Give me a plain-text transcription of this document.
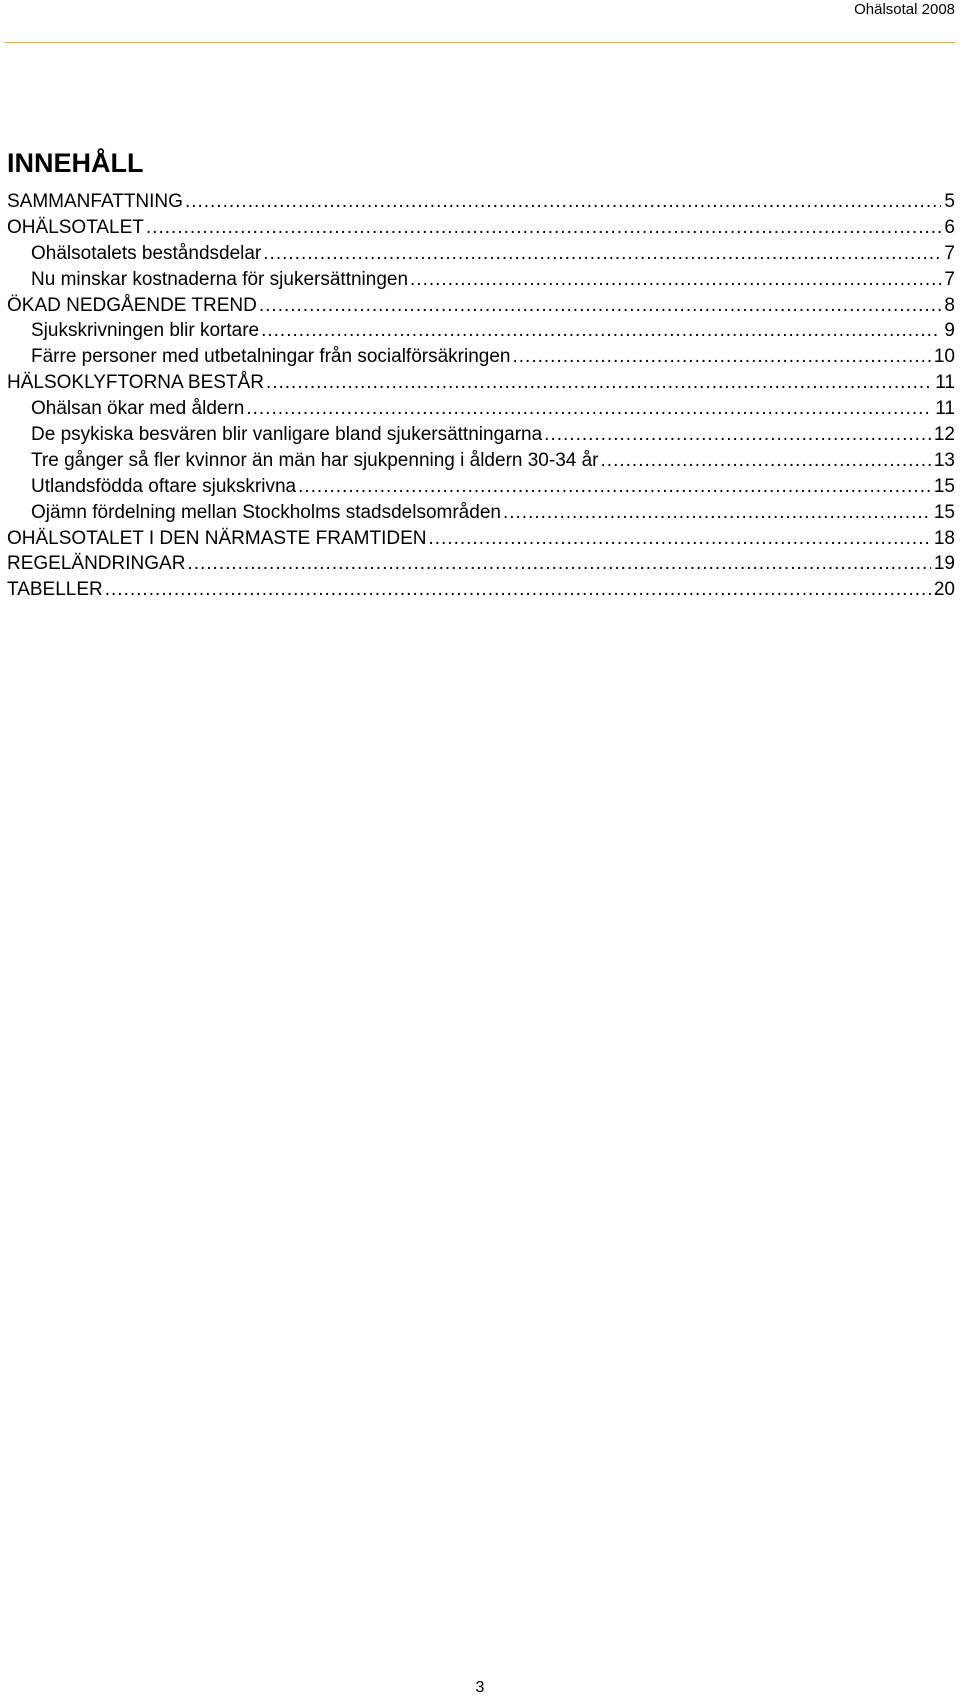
Ohälsotal 2008
INNEHÅLL
SAMMANFATTNING .....	5
OHÄLSOTALET .....	6
Ohälsotalets beståndsdelar .....	7
Nu minskar kostnaderna för sjukersättningen .....	7
ÖKAD NEDGÅENDE TREND .....	8
Sjukskrivningen blir kortare .....	9
Färre personer med utbetalningar från socialförsäkringen .....	10
HÄLSOKLYFTORNA BESTÅR .....	11
Ohälsan ökar med åldern .....	11
De psykiska besvären blir vanligare bland sjukersättningarna .....	12
Tre gånger så fler kvinnor än män har sjukpenning i åldern 30-34 år .....	13
Utlandsfödda oftare sjukskrivna .....	15
Ojämn fördelning mellan Stockholms stadsdelsområden .....	15
OHÄLSOTALET I DEN NÄRMASTE FRAMTIDEN .....	18
REGELÄNDRINGAR .....	19
TABELLER .....	20
3
